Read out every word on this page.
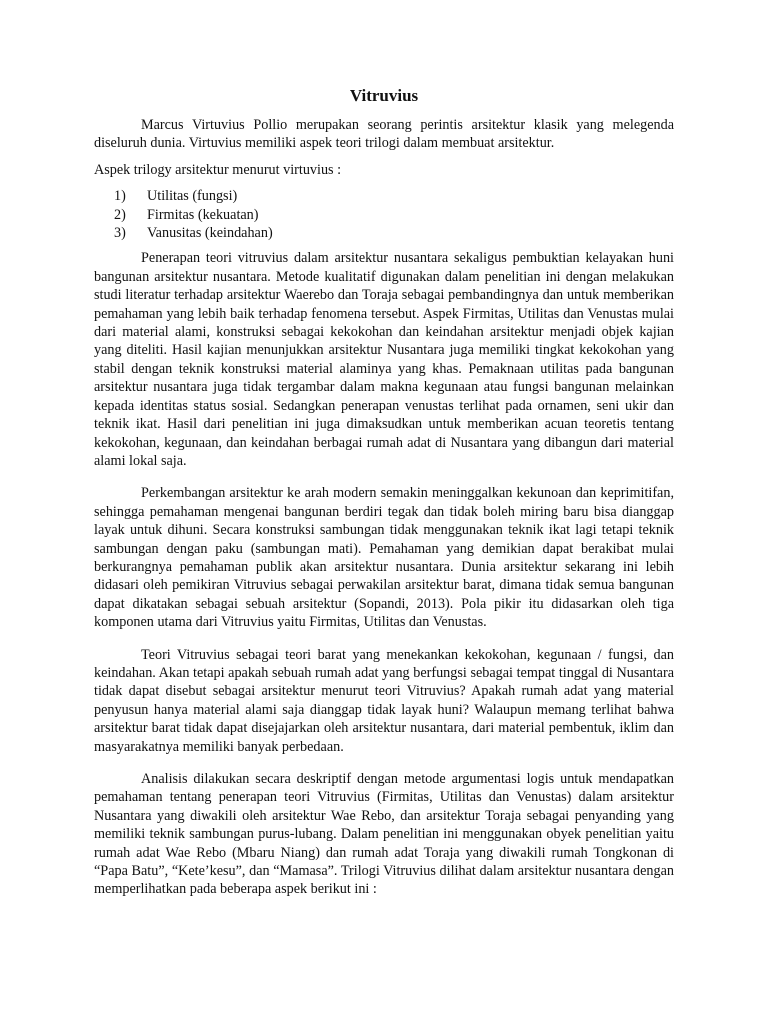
Vitruvius

Marcus Virtuvius Pollio merupakan seorang perintis arsitektur klasik yang melegenda diseluruh dunia. Virtuvius memiliki aspek teori trilogi dalam membuat arsitektur.

Aspek trilogy arsitektur menurut virtuvius :

1)	Utilitas (fungsi)
2)	Firmitas (kekuatan)
3)	Vanusitas (keindahan)

Penerapan teori vitruvius dalam arsitektur nusantara sekaligus pembuktian kelayakan huni bangunan arsitektur nusantara. Metode kualitatif digunakan dalam penelitian ini dengan melakukan studi literatur terhadap arsitektur Waerebo dan Toraja sebagai pembandingnya dan untuk memberikan pemahaman yang lebih baik terhadap fenomena tersebut. Aspek Firmitas, Utilitas dan Venustas mulai dari material alami, konstruksi sebagai kekokohan dan keindahan arsitektur menjadi objek kajian yang diteliti. Hasil kajian menunjukkan arsitektur Nusantara juga memiliki tingkat kekokohan yang stabil dengan teknik konstruksi material alaminya yang khas. Pemaknaan utilitas pada bangunan arsitektur nusantara juga tidak tergambar dalam makna kegunaan atau fungsi bangunan melainkan kepada identitas status sosial. Sedangkan penerapan venustas terlihat pada ornamen, seni ukir dan teknik ikat. Hasil dari penelitian ini juga dimaksudkan untuk memberikan acuan teoretis tentang kekokohan, kegunaan, dan keindahan berbagai rumah adat di Nusantara yang dibangun dari material alami lokal saja.

Perkembangan arsitektur ke arah modern semakin meninggalkan kekunoan dan keprimitifan, sehingga pemahaman mengenai bangunan berdiri tegak dan tidak boleh miring baru bisa dianggap layak untuk dihuni. Secara konstruksi sambungan tidak menggunakan teknik ikat lagi tetapi teknik sambungan dengan paku (sambungan mati). Pemahaman yang demikian dapat berakibat mulai berkurangnya pemahaman publik akan arsitektur nusantara. Dunia arsitektur sekarang ini lebih didasari oleh pemikiran Vitruvius sebagai perwakilan arsitektur barat, dimana tidak semua bangunan dapat dikatakan sebagai sebuah arsitektur (Sopandi, 2013). Pola pikir itu didasarkan oleh tiga komponen utama dari Vitruvius yaitu Firmitas, Utilitas dan Venustas.

Teori Vitruvius sebagai teori barat yang menekankan kekokohan, kegunaan / fungsi, dan keindahan. Akan tetapi apakah sebuah rumah adat yang berfungsi sebagai tempat tinggal di Nusantara tidak dapat disebut sebagai arsitektur menurut teori Vitruvius? Apakah rumah adat yang material penyusun hanya material alami saja dianggap tidak layak huni? Walaupun memang terlihat bahwa arsitektur barat tidak dapat disejajarkan oleh arsitektur nusantara, dari material pembentuk, iklim dan masyarakatnya memiliki banyak perbedaan.

Analisis dilakukan secara deskriptif dengan metode argumentasi logis untuk mendapatkan pemahaman tentang penerapan teori Vitruvius (Firmitas, Utilitas dan Venustas) dalam arsitektur Nusantara yang diwakili oleh arsitektur Wae Rebo, dan arsitektur Toraja sebagai penyanding yang memiliki teknik sambungan purus-lubang. Dalam penelitian ini menggunakan obyek penelitian yaitu rumah adat Wae Rebo (Mbaru Niang) dan rumah adat Toraja yang diwakili rumah Tongkonan di “Papa Batu”, “Kete’kesu”, dan “Mamasa”. Trilogi Vitruvius dilihat dalam arsitektur nusantara dengan memperlihatkan pada beberapa aspek berikut ini :
